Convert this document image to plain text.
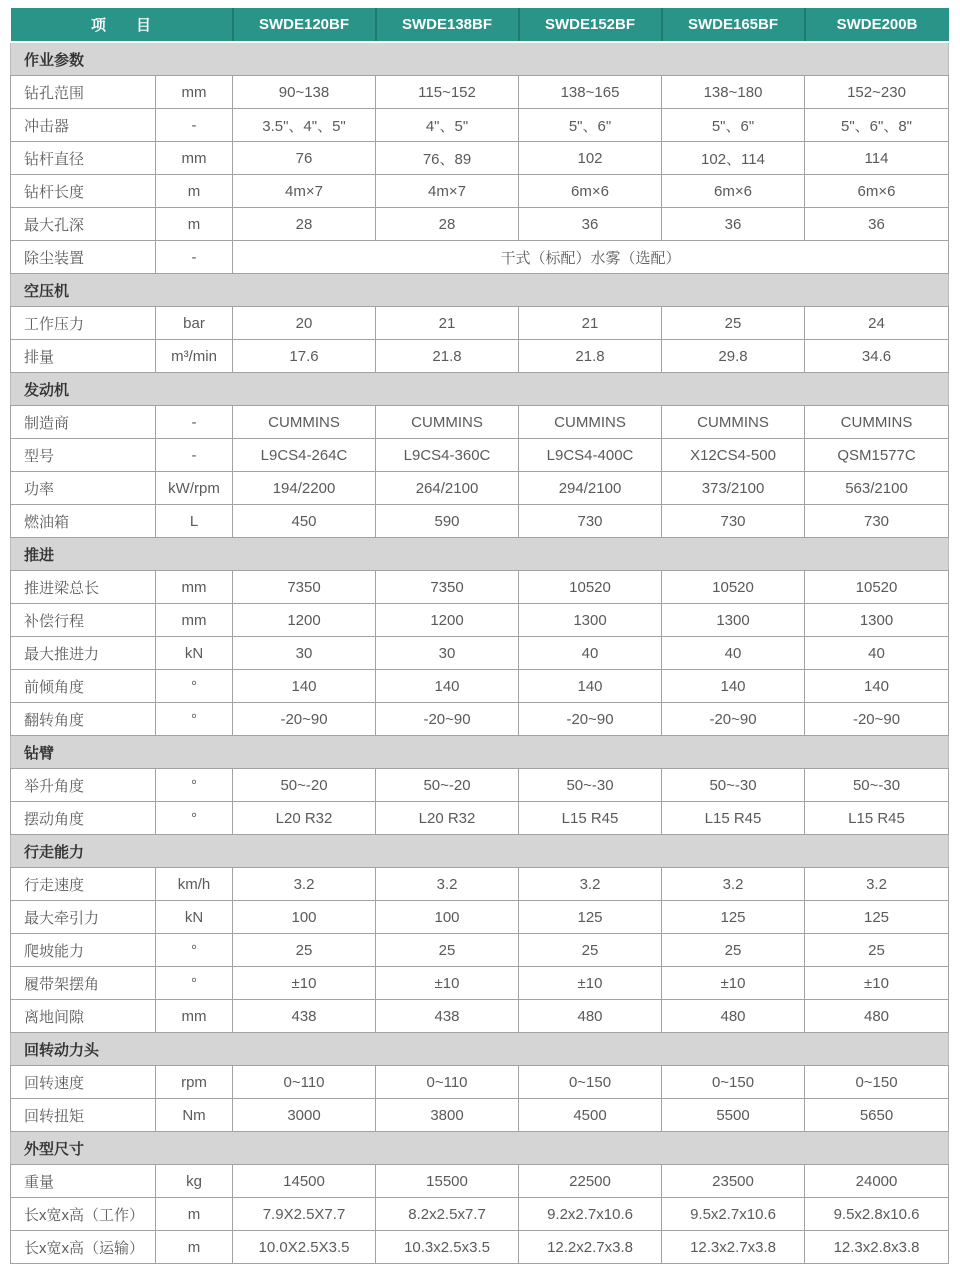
项　　目		SWDE120BF	SWDE138BF	SWDE152BF	SWDE165BF	SWDE200B
作业参数						
钻孔范围	mm	90~138	115~152	138~165	138~180	152~230
冲击器	-	3.5"、4"、5"	4"、5"	5"、6"	5"、6"	5"、6"、8"
钻杆直径	mm	76	76、89	102	102、114	114
钻杆长度	m	4m×7	4m×7	6m×6	6m×6	6m×6
最大孔深	m	28	28	36	36	36
除尘装置	-	干式（标配）水雾（选配）				
空压机						
工作压力	bar	20	21	21	25	24
排量	m³/min	17.6	21.8	21.8	29.8	34.6
发动机						
制造商	-	CUMMINS	CUMMINS	CUMMINS	CUMMINS	CUMMINS
型号	-	L9CS4-264C	L9CS4-360C	L9CS4-400C	X12CS4-500	QSM1577C
功率	kW/rpm	194/2200	264/2100	294/2100	373/2100	563/2100
燃油箱	L	450	590	730	730	730
推进						
推进梁总长	mm	7350	7350	10520	10520	10520
补偿行程	mm	1200	1200	1300	1300	1300
最大推进力	kN	30	30	40	40	40
前倾角度	°	140	140	140	140	140
翻转角度	°	-20~90	-20~90	-20~90	-20~90	-20~90
钻臂						
举升角度	°	50~-20	50~-20	50~-30	50~-30	50~-30
摆动角度	°	L20 R32	L20 R32	L15 R45	L15 R45	L15 R45
行走能力						
行走速度	km/h	3.2	3.2	3.2	3.2	3.2
最大牵引力	kN	100	100	125	125	125
爬坡能力	°	25	25	25	25	25
履带架摆角	°	±10	±10	±10	±10	±10
离地间隙	mm	438	438	480	480	480
回转动力头						
回转速度	rpm	0~110	0~110	0~150	0~150	0~150
回转扭矩	Nm	3000	3800	4500	5500	5650
外型尺寸						
重量	kg	14500	15500	22500	23500	24000
长x宽x高（工作）	m	7.9X2.5X7.7	8.2x2.5x7.7	9.2x2.7x10.6	9.5x2.7x10.6	9.5x2.8x10.6
长x宽x高（运输）	m	10.0X2.5X3.5	10.3x2.5x3.5	12.2x2.7x3.8	12.3x2.7x3.8	12.3x2.8x3.8
